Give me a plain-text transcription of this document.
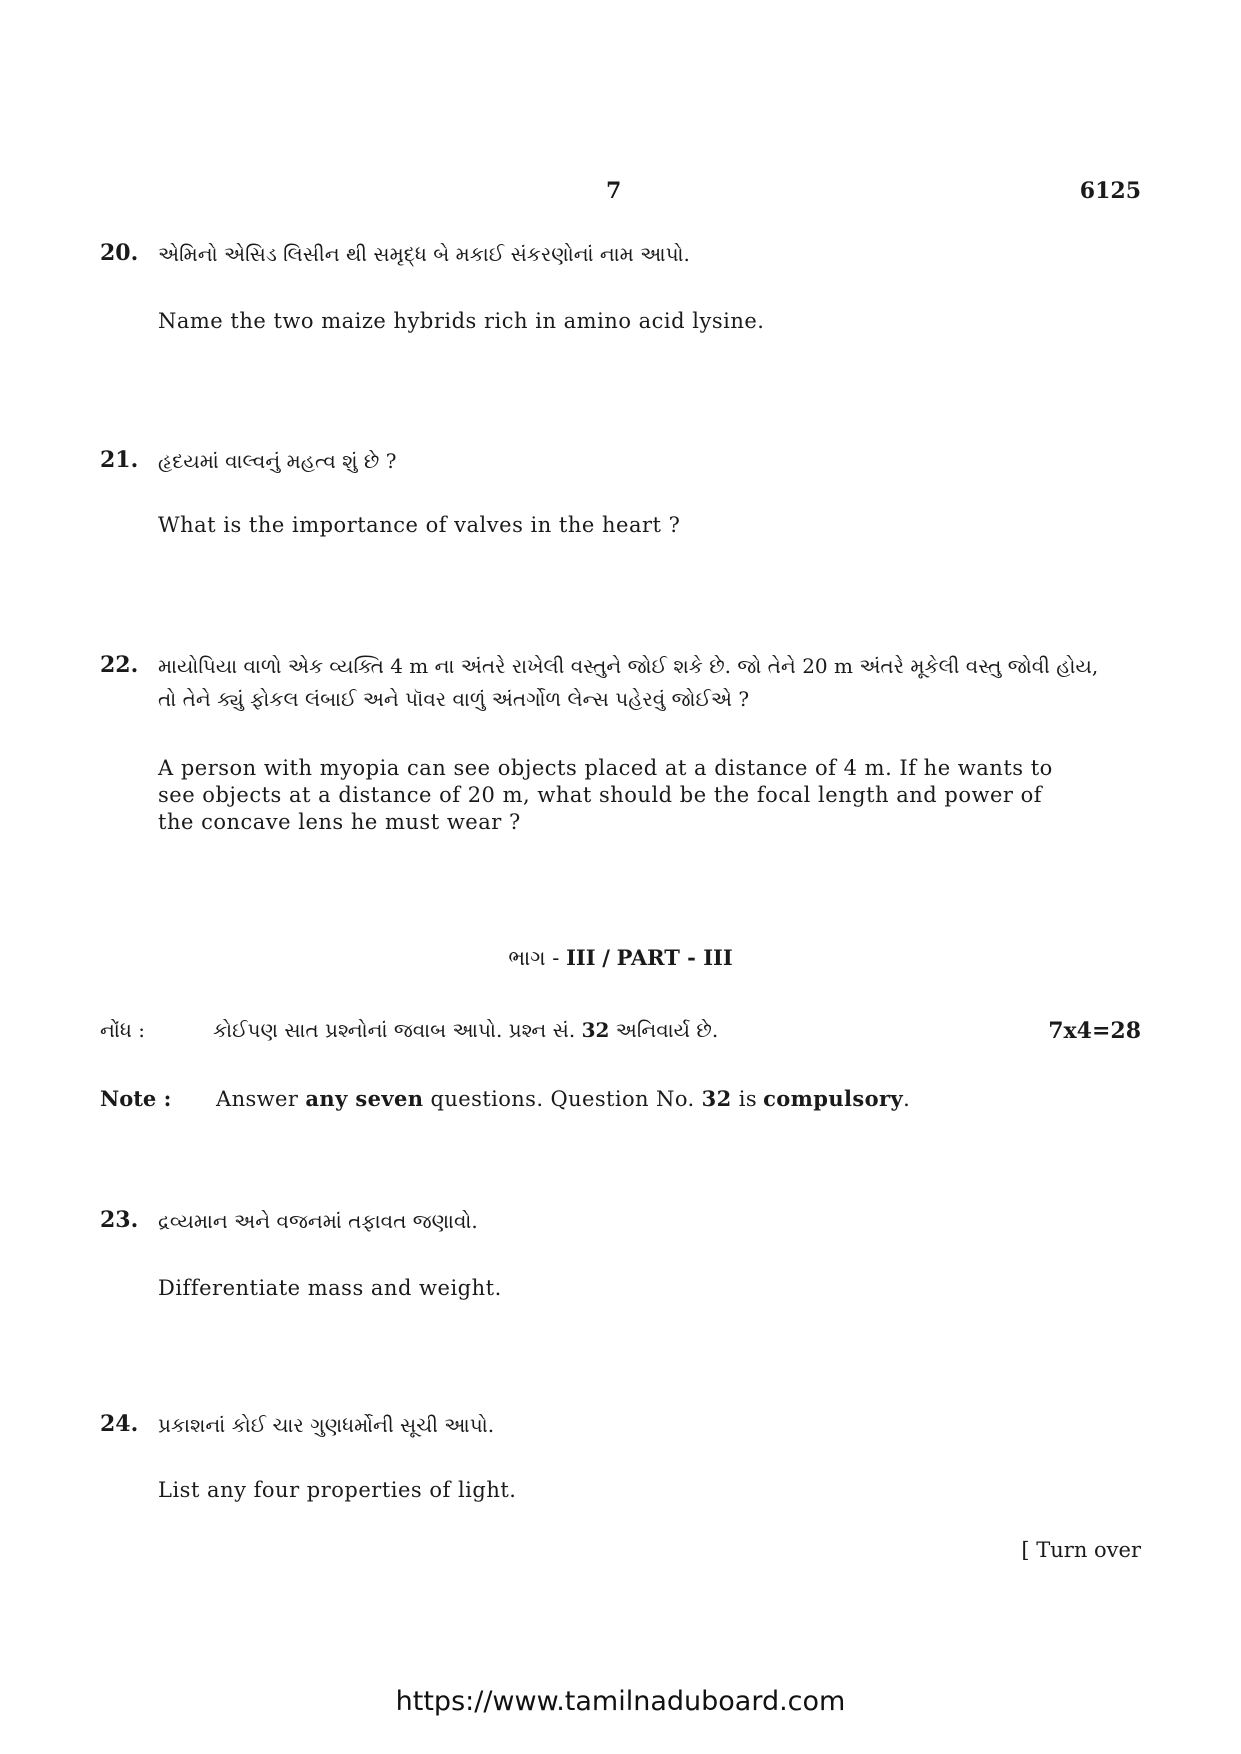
7	6125
20. એમિનો એસિડ લિસીન થી સમૃદ્ધ બે મકાઈ સંકરણોનાં નામ આપો.
Name the two maize hybrids rich in amino acid lysine.
21. હૃદયમાં વાલ્વનું મહત્વ શું છે ?
What is the importance of valves in the heart ?
22. માયોપિયા વાળો એક વ્યક્તિ 4 m ના અંતરે રાખેલી વસ્તુને જોઈ શકે છે. જો તેને 20 m અંતરે મૂકેલી વસ્તુ જોવી હોય,
તો તેને ક્યું ફોકલ લંબાઈ અને પૉવર વાળું અંતર્ગોળ લેન્સ પહેરવું જોઈએ ?
A person with myopia can see objects placed at a distance of 4 m. If he wants to
see objects at a distance of 20 m, what should be the focal length and power of
the concave lens he must wear ?
ભાગ - III / PART - III
નોંધ :	કોઈપણ સાત પ્રશ્નોનાં જવાબ આપો. પ્રશ્ન સં. 32 અનિવાર્ય છે.	7x4=28
Note : Answer any seven questions. Question No. 32 is compulsory.
23. દ્રવ્યમાન અને વજનમાં તફાવત જણાવો.
Differentiate mass and weight.
24. પ્રકાશનાં કોઈ ચાર ગુણધર્મોની સૂચી આપો.
List any four properties of light.
[ Turn over
https://www.tamilnaduboard.com
